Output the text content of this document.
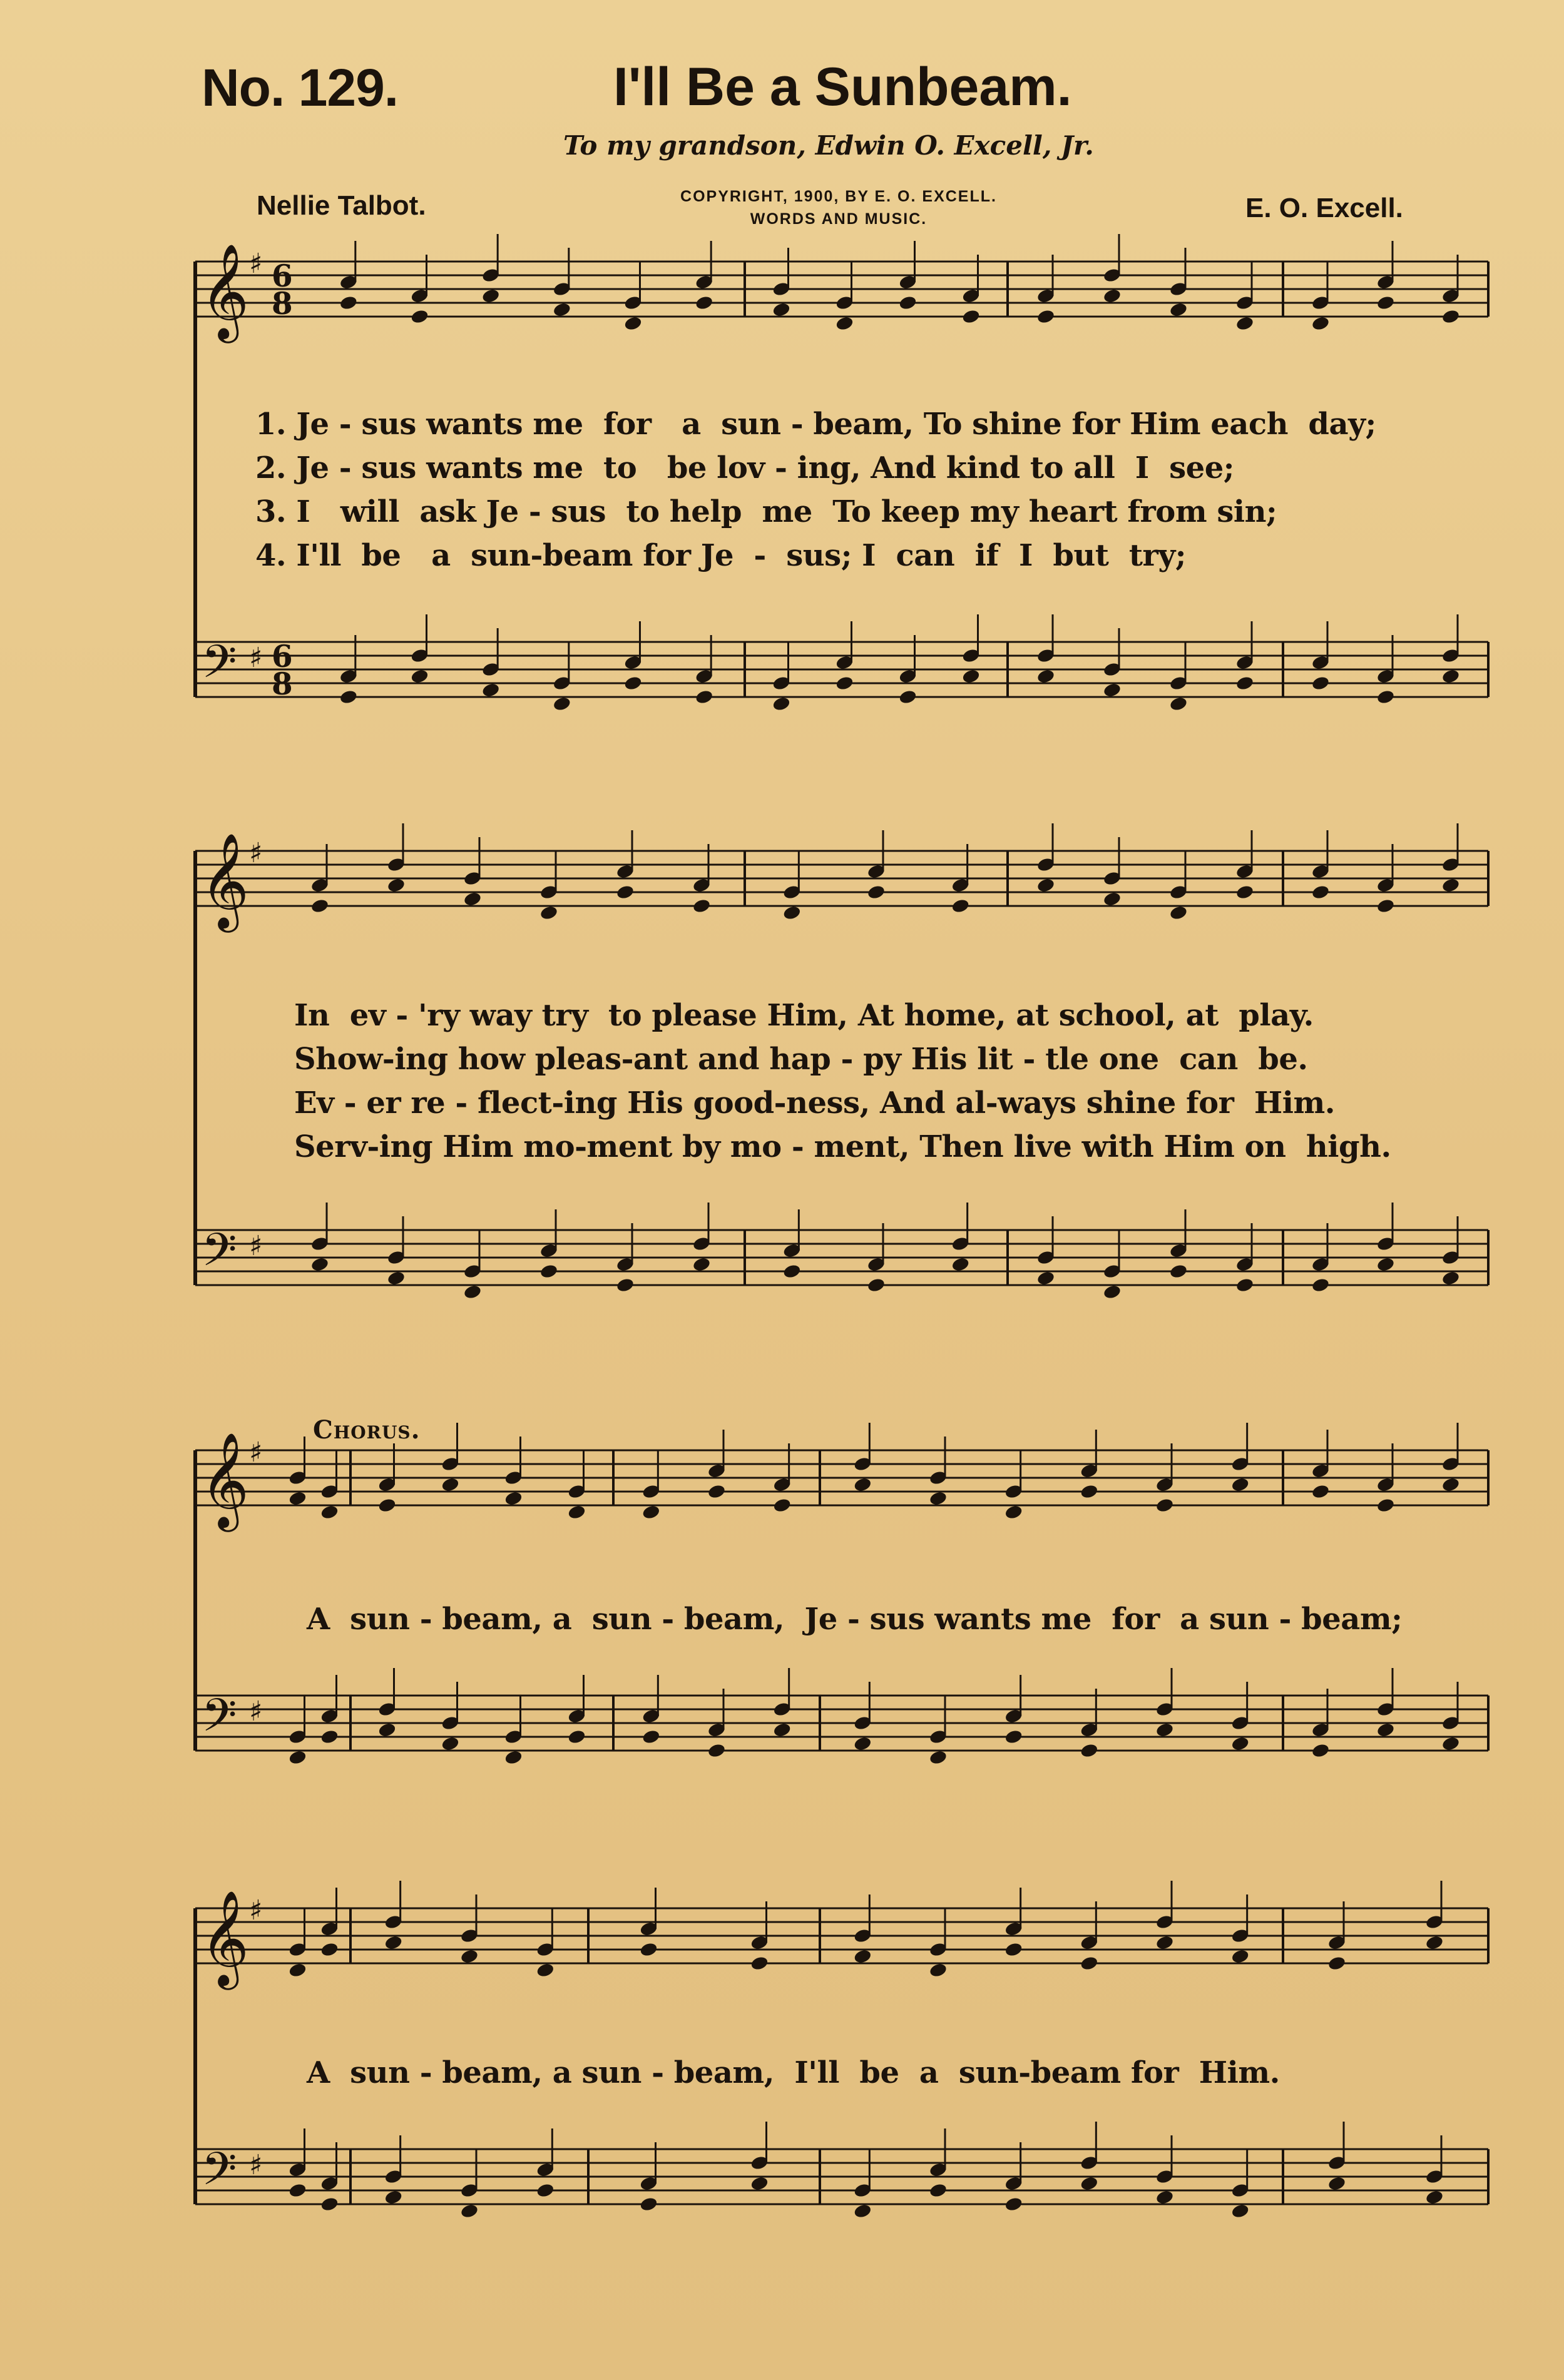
No. 129.	I'll Be a Sunbeam.
To my grandson, Edwin O. Excell, Jr.
Nellie Talbot.	COPYRIGHT, 1900, BY E. O. EXCELL.
WORDS AND MUSIC.	E. O. Excell.
𝄞
𝄢
♯
♯
6
8
6
8
𝄞
𝄢
♯
♯
𝄞
𝄢
♯
♯
𝄞
𝄢
♯
♯
1. Je - sus wants me  for   a  sun - beam, To shine for Him each  day;
2. Je - sus wants me  to   be lov - ing, And kind to all  I  see;
3. I   will  ask Je - sus  to help  me  To keep my heart from sin;
4. I'll  be   a  sun-beam for Je  -  sus; I  can  if  I  but  try;
In  ev - 'ry way try  to please Him, At home, at school, at  play.
Show-ing how pleas-ant and hap - py His lit - tle one  can  be.
Ev - er re - flect-ing His good-ness, And al-ways shine for  Him.
Serv-ing Him mo-ment by mo - ment, Then live with Him on  high.
Chorus.
A  sun - beam, a  sun - beam,  Je - sus wants me  for  a sun - beam;
A  sun - beam, a sun - beam,  I'll  be  a  sun-beam for  Him.
